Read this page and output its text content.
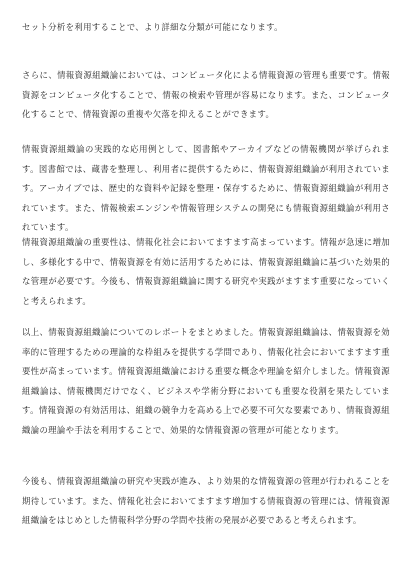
セット分析を利用することで、より詳細な分類が可能になります。

さらに、情報資源組織論においては、コンピュータ化による情報資源の管理も重要です。情報資源をコンピュータ化することで、情報の検索や管理が容易になります。また、コンピュータ化することで、情報資源の重複や欠落を抑えることができます。

情報資源組織論の実践的な応用例として、図書館やアーカイブなどの情報機関が挙げられます。図書館では、蔵書を整理し、利用者に提供するために、情報資源組織論が利用されています。アーカイブでは、歴史的な資料や記録を整理・保存するために、情報資源組織論が利用されています。また、情報検索エンジンや情報管理システムの開発にも情報資源組織論が利用されています。

情報資源組織論の重要性は、情報化社会においてますます高まっています。情報が急速に増加し、多様化する中で、情報資源を有効に活用するためには、情報資源組織論に基づいた効果的な管理が必要です。今後も、情報資源組織論に関する研究や実践がますます重要になっていくと考えられます。

以上、情報資源組織論についてのレポートをまとめました。情報資源組織論は、情報資源を効率的に管理するための理論的な枠組みを提供する学問であり、情報化社会においてますます重要性が高まっています。情報資源組織論における重要な概念や理論を紹介しました。情報資源組織論は、情報機関だけでなく、ビジネスや学術分野においても重要な役割を果たしています。情報資源の有効活用は、組織の競争力を高める上で必要不可欠な要素であり、情報資源組織論の理論や手法を利用することで、効果的な情報資源の管理が可能となります。

今後も、情報資源組織論の研究や実践が進み、より効果的な情報資源の管理が行われることを期待しています。また、情報化社会においてますます増加する情報資源の管理には、情報資源組織論をはじめとした情報科学分野の学問や技術の発展が必要であると考えられます。
